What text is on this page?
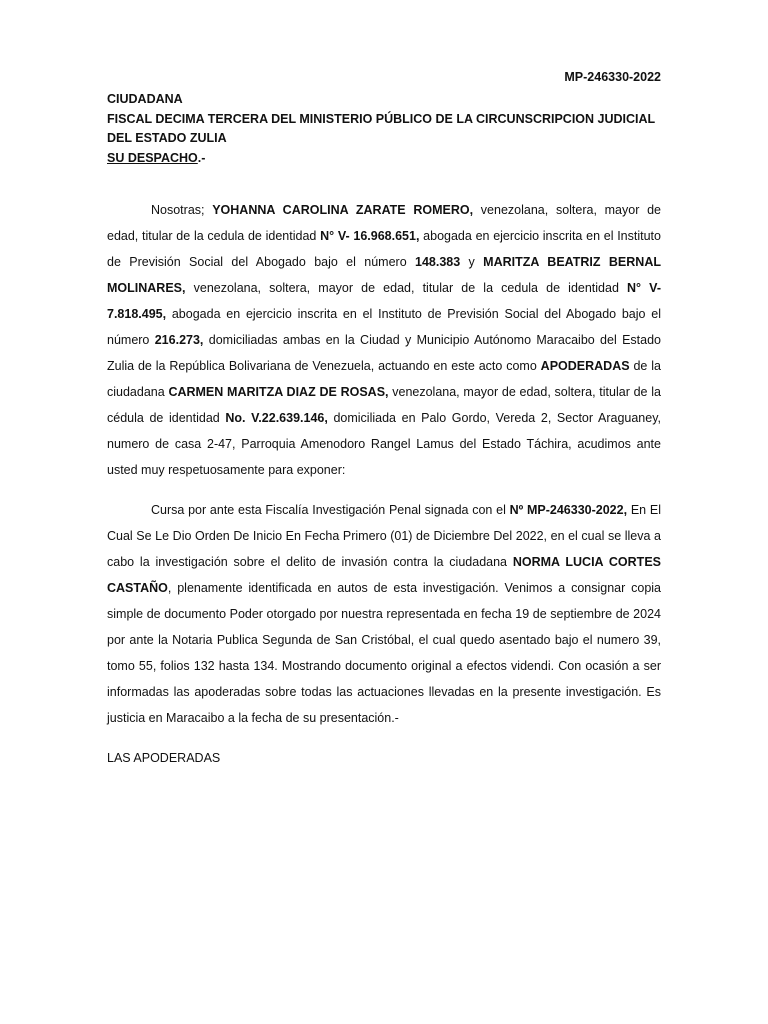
MP-246330-2022
CIUDADANA
FISCAL DECIMA TERCERA DEL MINISTERIO PÚBLICO DE LA CIRCUNSCRIPCION JUDICIAL DEL ESTADO ZULIA
SU DESPACHO.-
Nosotras; YOHANNA CAROLINA ZARATE ROMERO, venezolana, soltera, mayor de edad, titular de la cedula de identidad N° V- 16.968.651, abogada en ejercicio inscrita en el Instituto de Previsión Social del Abogado bajo el número 148.383 y MARITZA BEATRIZ BERNAL MOLINARES, venezolana, soltera, mayor de edad, titular de la cedula de identidad N° V- 7.818.495, abogada en ejercicio inscrita en el Instituto de Previsión Social del Abogado bajo el número 216.273, domiciliadas ambas en la Ciudad y Municipio Autónomo Maracaibo del Estado Zulia de la República Bolivariana de Venezuela, actuando en este acto como APODERADAS de la ciudadana CARMEN MARITZA DIAZ DE ROSAS, venezolana, mayor de edad, soltera, titular de la cédula de identidad No. V.22.639.146, domiciliada en Palo Gordo, Vereda 2, Sector Araguaney, numero de casa 2-47, Parroquia Amenodoro Rangel Lamus del Estado Táchira, acudimos ante usted muy respetuosamente para exponer:
Cursa por ante esta Fiscalía Investigación Penal signada con el Nº MP-246330-2022, En El Cual Se Le Dio Orden De Inicio En Fecha Primero (01) de Diciembre Del 2022, en el cual se lleva a cabo la investigación sobre el delito de invasión contra la ciudadana NORMA LUCIA CORTES CASTAÑO, plenamente identificada en autos de esta investigación. Venimos a consignar copia simple de documento Poder otorgado por nuestra representada en fecha 19 de septiembre de 2024 por ante la Notaria Publica Segunda de San Cristóbal, el cual quedo asentado bajo el numero 39, tomo 55, folios 132 hasta 134. Mostrando documento original a efectos videndi. Con ocasión a ser informadas las apoderadas sobre todas las actuaciones llevadas en la presente investigación. Es justicia en Maracaibo a la fecha de su presentación.-
LAS APODERADAS
